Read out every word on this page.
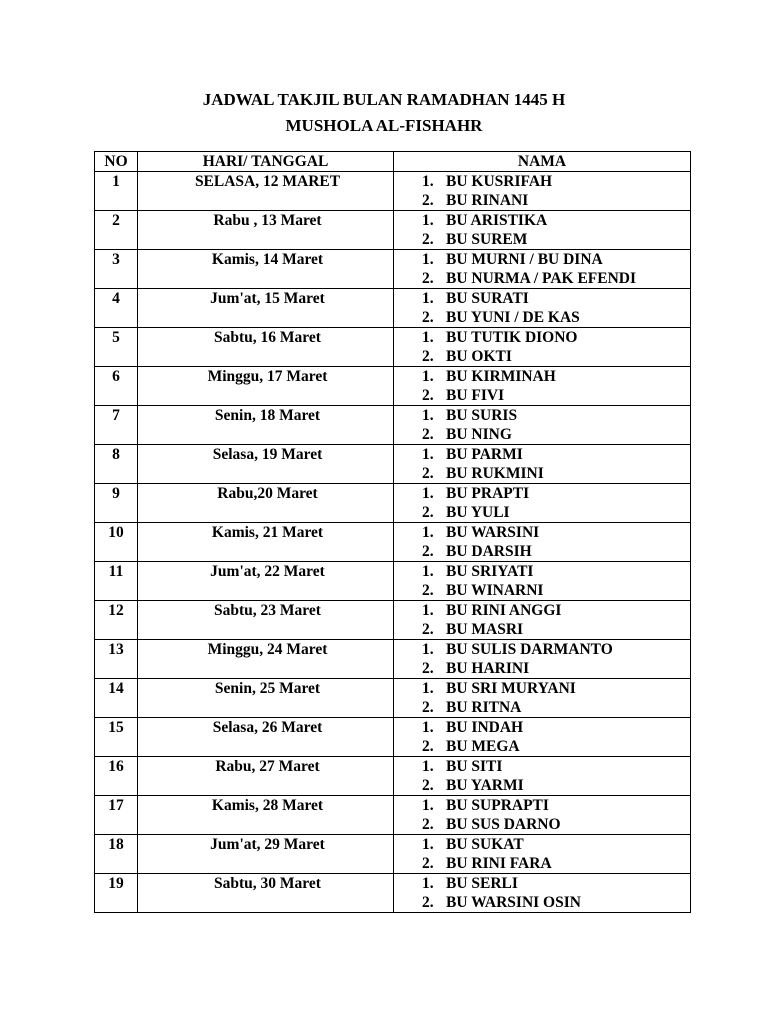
JADWAL TAKJIL BULAN RAMADHAN 1445 H
MUSHOLA AL-FISHAHR
NO	HARI/ TANGGAL	NAMA
1	SELASA, 12 MARET	1. BU KUSRIFAH
2. BU RINANI

2	Rabu , 13 Maret	1. BU ARISTIKA
2. BU SUREM

3	Kamis, 14 Maret	1. BU MURNI / BU DINA
2. BU NURMA / PAK EFENDI

4	Jum'at, 15 Maret	1. BU SURATI
2. BU YUNI / DE KAS

5	Sabtu, 16 Maret	1. BU TUTIK DIONO
2. BU OKTI

6	Minggu, 17 Maret	1. BU KIRMINAH
2. BU FIVI

7	Senin, 18 Maret	1. BU SURIS
2. BU NING

8	Selasa, 19 Maret	1. BU PARMI
2. BU RUKMINI

9	Rabu,20 Maret	1. BU PRAPTI
2. BU YULI

10	Kamis, 21 Maret	1. BU WARSINI
2. BU DARSIH

11	Jum'at, 22 Maret	1. BU SRIYATI
2. BU WINARNI

12	Sabtu, 23 Maret	1. BU RINI ANGGI
2. BU MASRI

13	Minggu, 24 Maret	1. BU SULIS DARMANTO
2. BU HARINI

14	Senin, 25 Maret	1. BU SRI MURYANI
2. BU RITNA

15	Selasa, 26 Maret	1. BU INDAH
2. BU MEGA

16	Rabu, 27 Maret	1. BU SITI
2. BU YARMI

17	Kamis, 28 Maret	1. BU SUPRAPTI
2. BU SUS DARNO

18	Jum'at, 29 Maret	1. BU SUKAT
2. BU RINI FARA

19	Sabtu, 30 Maret	1. BU SERLI
2. BU WARSINI OSIN
